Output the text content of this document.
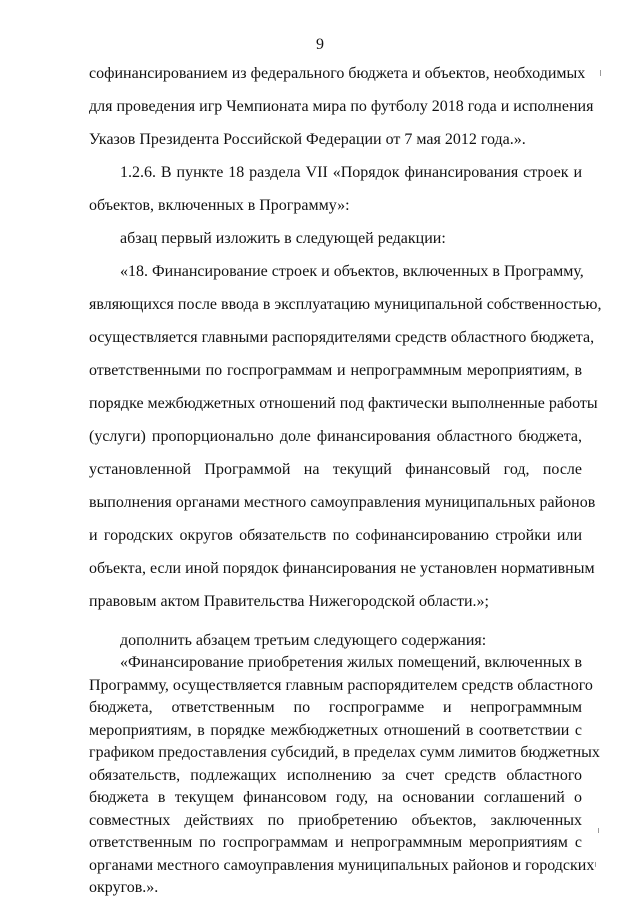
9
софинансированием из федерального бюджета и объектов, необходимых
для проведения игр Чемпионата мира по футболу 2018 года и исполнения
Указов Президента Российской Федерации от 7 мая 2012 года.».
1.2.6. В пункте 18 раздела VII «Порядок финансирования строек и
объектов, включенных в Программу»:
абзац первый изложить в следующей редакции:
«18. Финансирование строек и объектов, включенных в Программу,
являющихся после ввода в эксплуатацию муниципальной собственностью,
осуществляется главными распорядителями средств областного бюджета,
ответственными по госпрограммам и непрограммным мероприятиям, в
порядке межбюджетных отношений под фактически выполненные работы
(услуги) пропорционально доле финансирования областного бюджета,
установленной Программой на текущий финансовый год, после
выполнения органами местного самоуправления муниципальных районов
и городских округов обязательств по софинансированию стройки или
объекта, если иной порядок финансирования не установлен нормативным
правовым актом Правительства Нижегородской области.»;
дополнить абзацем третьим следующего содержания:
«Финансирование приобретения жилых помещений, включенных в
Программу, осуществляется главным распорядителем средств областного
бюджета, ответственным по госпрограмме и непрограммным
мероприятиям, в порядке межбюджетных отношений в соответствии с
графиком предоставления субсидий, в пределах сумм лимитов бюджетных
обязательств, подлежащих исполнению за счет средств областного
бюджета в текущем финансовом году, на основании соглашений о
совместных действиях по приобретению объектов, заключенных
ответственным по госпрограммам и непрограммным мероприятиям с
органами местного самоуправления муниципальных районов и городских
округов.».
